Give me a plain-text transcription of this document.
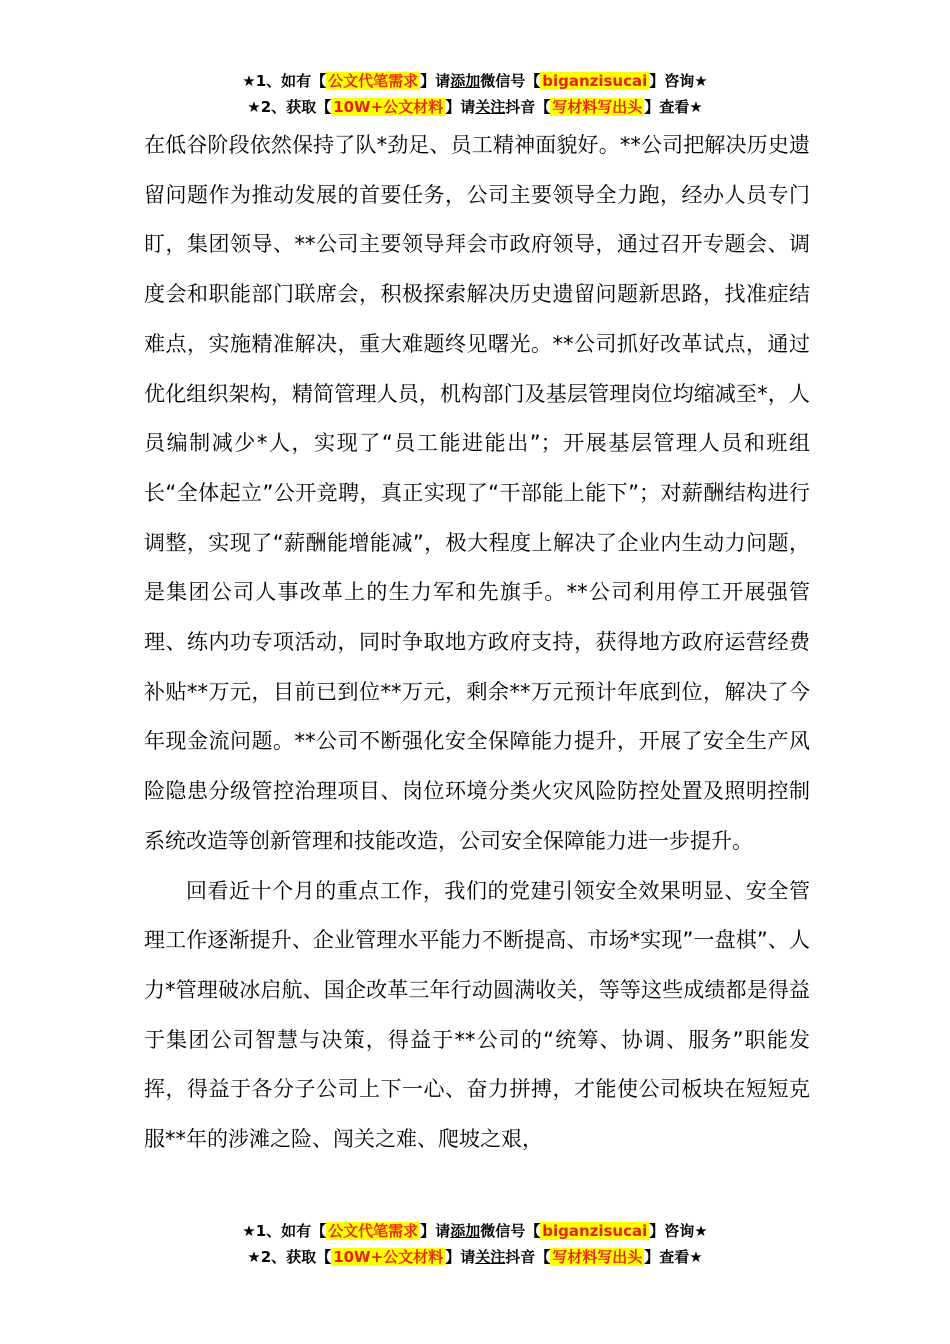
★1、如有【 公文代笔需求 】请添加微信号【 biganzisucai 】咨询★
★2、获取【 10W+公文材料 】请关注抖音【 写材料写出头 】查看★

在低谷阶段依然保持了队*劲足、员工精神面貌好。**公司把解决历史遗留问题作为推动发展的首要任务，公司主要领导全力跑，经办人员专门盯，集团领导、**公司主要领导拜会市政府领导，通过召开专题会、调度会和职能部门联席会，积极探索解决历史遗留问题新思路，找准症结难点，实施精准解决，重大难题终见曙光。**公司抓好改革试点，通过优化组织架构，精简管理人员，机构部门及基层管理岗位均缩减至*，人员编制减少*人，实现了“员工能进能出”；开展基层管理人员和班组长“全体起立”公开竞聘，真正实现了“干部能上能下”；对薪酬结构进行调整，实现了“薪酬能增能减”，极大程度上解决了企业内生动力问题，是集团公司人事改革上的生力军和先旗手。**公司利用停工开展强管理、练内功专项活动，同时争取地方政府支持，获得地方政府运营经费补贴**万元，目前已到位**万元，剩余**万元预计年底到位，解决了今年现金流问题。**公司不断强化安全保障能力提升，开展了安全生产风险隐患分级管控治理项目、岗位环境分类火灾风险防控处置及照明控制系统改造等创新管理和技能改造，公司安全保障能力进一步提升。

回看近十个月的重点工作，我们的党建引领安全效果明显、安全管理工作逐渐提升、企业管理水平能力不断提高、市场*实现”一盘棋”、人力*管理破冰启航、国企改革三年行动圆满收关，等等这些成绩都是得益于集团公司智慧与决策，得益于**公司的“统筹、协调、服务”职能发挥，得益于各分子公司上下一心、奋力拼搏，才能使公司板块在短短克服**年的涉滩之险、闯关之难、爬坡之艰，

★1、如有【 公文代笔需求 】请添加微信号【 biganzisucai 】咨询★
★2、获取【 10W+公文材料 】请关注抖音【 写材料写出头 】查看★
